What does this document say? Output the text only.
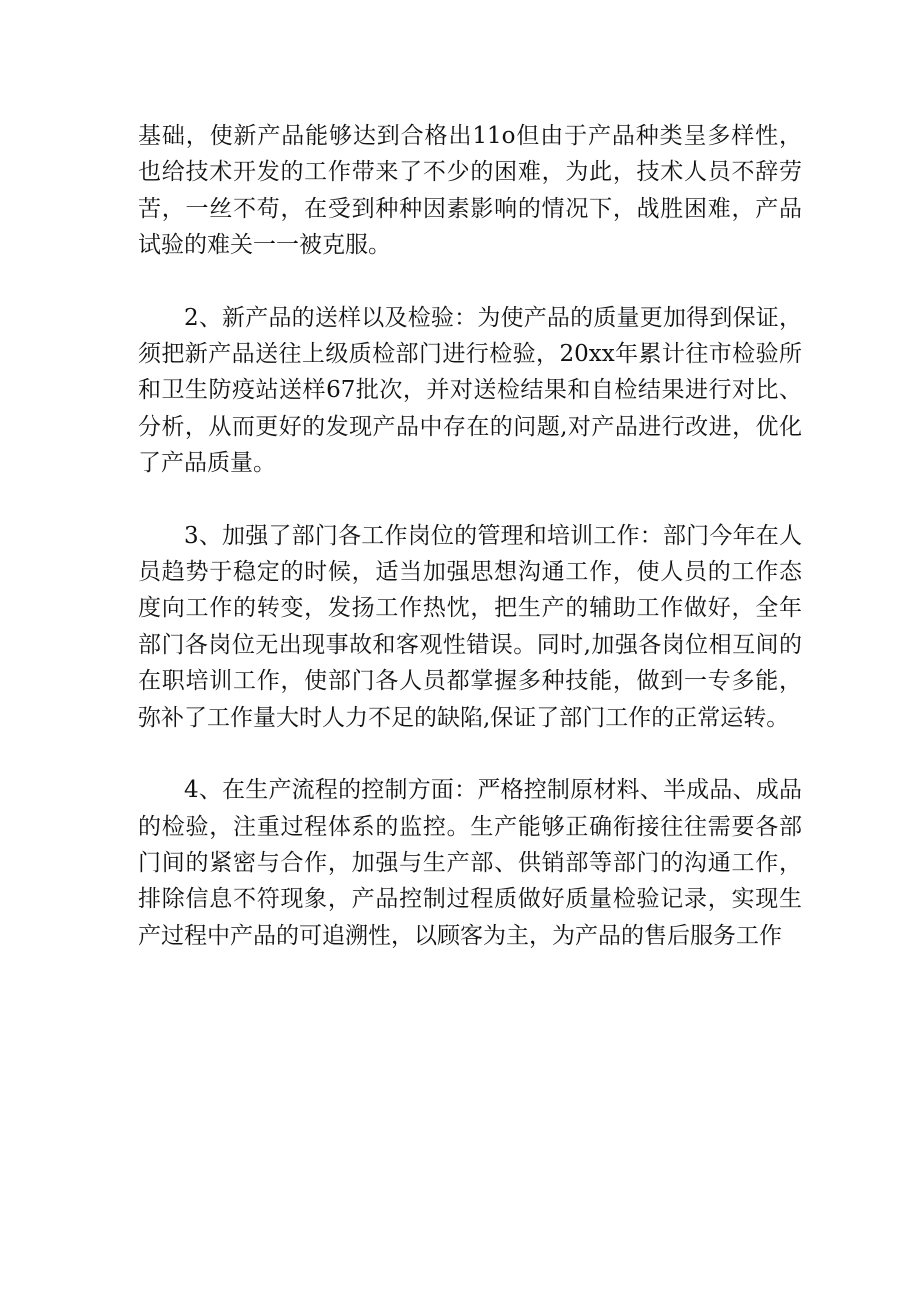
基础，使新产品能够达到合格出11o但由于产品种类呈多样性，也给技术开发的工作带来了不少的困难，为此，技术人员不辞劳苦，一丝不苟，在受到种种因素影响的情况下，战胜困难，产品试验的难关一一被克服。

2、新产品的送样以及检验：为使产品的质量更加得到保证，须把新产品送往上级质检部门进行检验，20xx年累计往市检验所和卫生防疫站送样67批次，并对送检结果和自检结果进行对比、分析，从而更好的发现产品中存在的问题,对产品进行改进，优化了产品质量。

3、加强了部门各工作岗位的管理和培训工作：部门今年在人员趋势于稳定的时候，适当加强思想沟通工作，使人员的工作态度向工作的转变，发扬工作热忱，把生产的辅助工作做好，全年部门各岗位无出现事故和客观性错误。同时,加强各岗位相互间的在职培训工作，使部门各人员都掌握多种技能，做到一专多能，弥补了工作量大时人力不足的缺陷,保证了部门工作的正常运转。

4、在生产流程的控制方面：严格控制原材料、半成品、成品的检验，注重过程体系的监控。生产能够正确衔接往往需要各部门间的紧密与合作，加强与生产部、供销部等部门的沟通工作，排除信息不符现象，产品控制过程质做好质量检验记录，实现生产过程中产品的可追溯性，以顾客为主，为产品的售后服务工作
